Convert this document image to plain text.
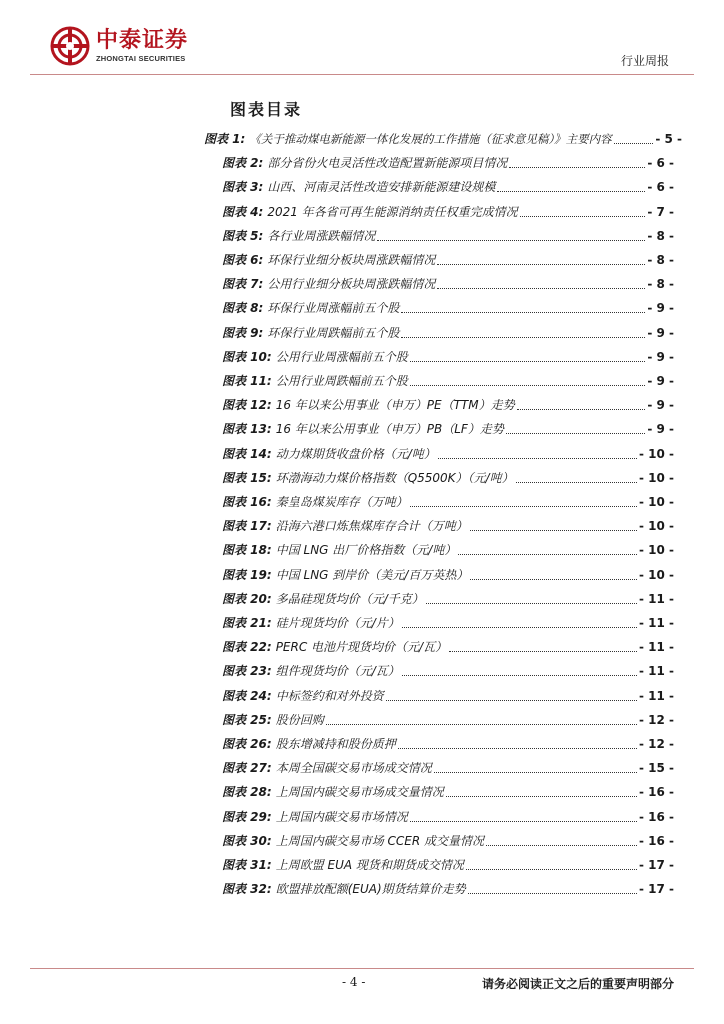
中泰证券
ZHONGTAI SECURITIES	行业周报
图表目录
图表 1: 《关于推动煤电新能源一体化发展的工作措施（征求意见稿）》主要内容	- 5 -
图表 2: 部分省份火电灵活性改造配置新能源项目情况	- 6 -
图表 3: 山西、河南灵活性改造安排新能源建设规模	- 6 -
图表 4: 2021 年各省可再生能源消纳责任权重完成情况	- 7 -
图表 5: 各行业周涨跌幅情况	- 8 -
图表 6: 环保行业细分板块周涨跌幅情况	- 8 -
图表 7: 公用行业细分板块周涨跌幅情况	- 8 -
图表 8: 环保行业周涨幅前五个股	- 9 -
图表 9: 环保行业周跌幅前五个股	- 9 -
图表 10: 公用行业周涨幅前五个股	- 9 -
图表 11: 公用行业周跌幅前五个股	- 9 -
图表 12: 16 年以来公用事业（申万）PE（TTM）走势	- 9 -
图表 13: 16 年以来公用事业（申万）PB（LF）走势	- 9 -
图表 14: 动力煤期货收盘价格（元/吨）	- 10 -
图表 15: 环渤海动力煤价格指数（Q5500K）（元/吨）	- 10 -
图表 16: 秦皇岛煤炭库存（万吨）	- 10 -
图表 17: 沿海六港口炼焦煤库存合计（万吨）	- 10 -
图表 18: 中国 LNG 出厂价格指数（元/吨）	- 10 -
图表 19: 中国 LNG 到岸价（美元/百万英热）	- 10 -
图表 20: 多晶硅现货均价（元/千克）	- 11 -
图表 21: 硅片现货均价（元/片）	- 11 -
图表 22: PERC 电池片现货均价（元/瓦）	- 11 -
图表 23: 组件现货均价（元/瓦）	- 11 -
图表 24: 中标签约和对外投资	- 11 -
图表 25: 股份回购	- 12 -
图表 26: 股东增减持和股份质押	- 12 -
图表 27: 本周全国碳交易市场成交情况	- 15 -
图表 28: 上周国内碳交易市场成交量情况	- 16 -
图表 29: 上周国内碳交易市场情况	- 16 -
图表 30: 上周国内碳交易市场 CCER 成交量情况	- 16 -
图表 31: 上周欧盟 EUA 现货和期货成交情况	- 17 -
图表 32: 欧盟排放配额(EUA)期货结算价走势	- 17 -
- 4 -	请务必阅读正文之后的重要声明部分
